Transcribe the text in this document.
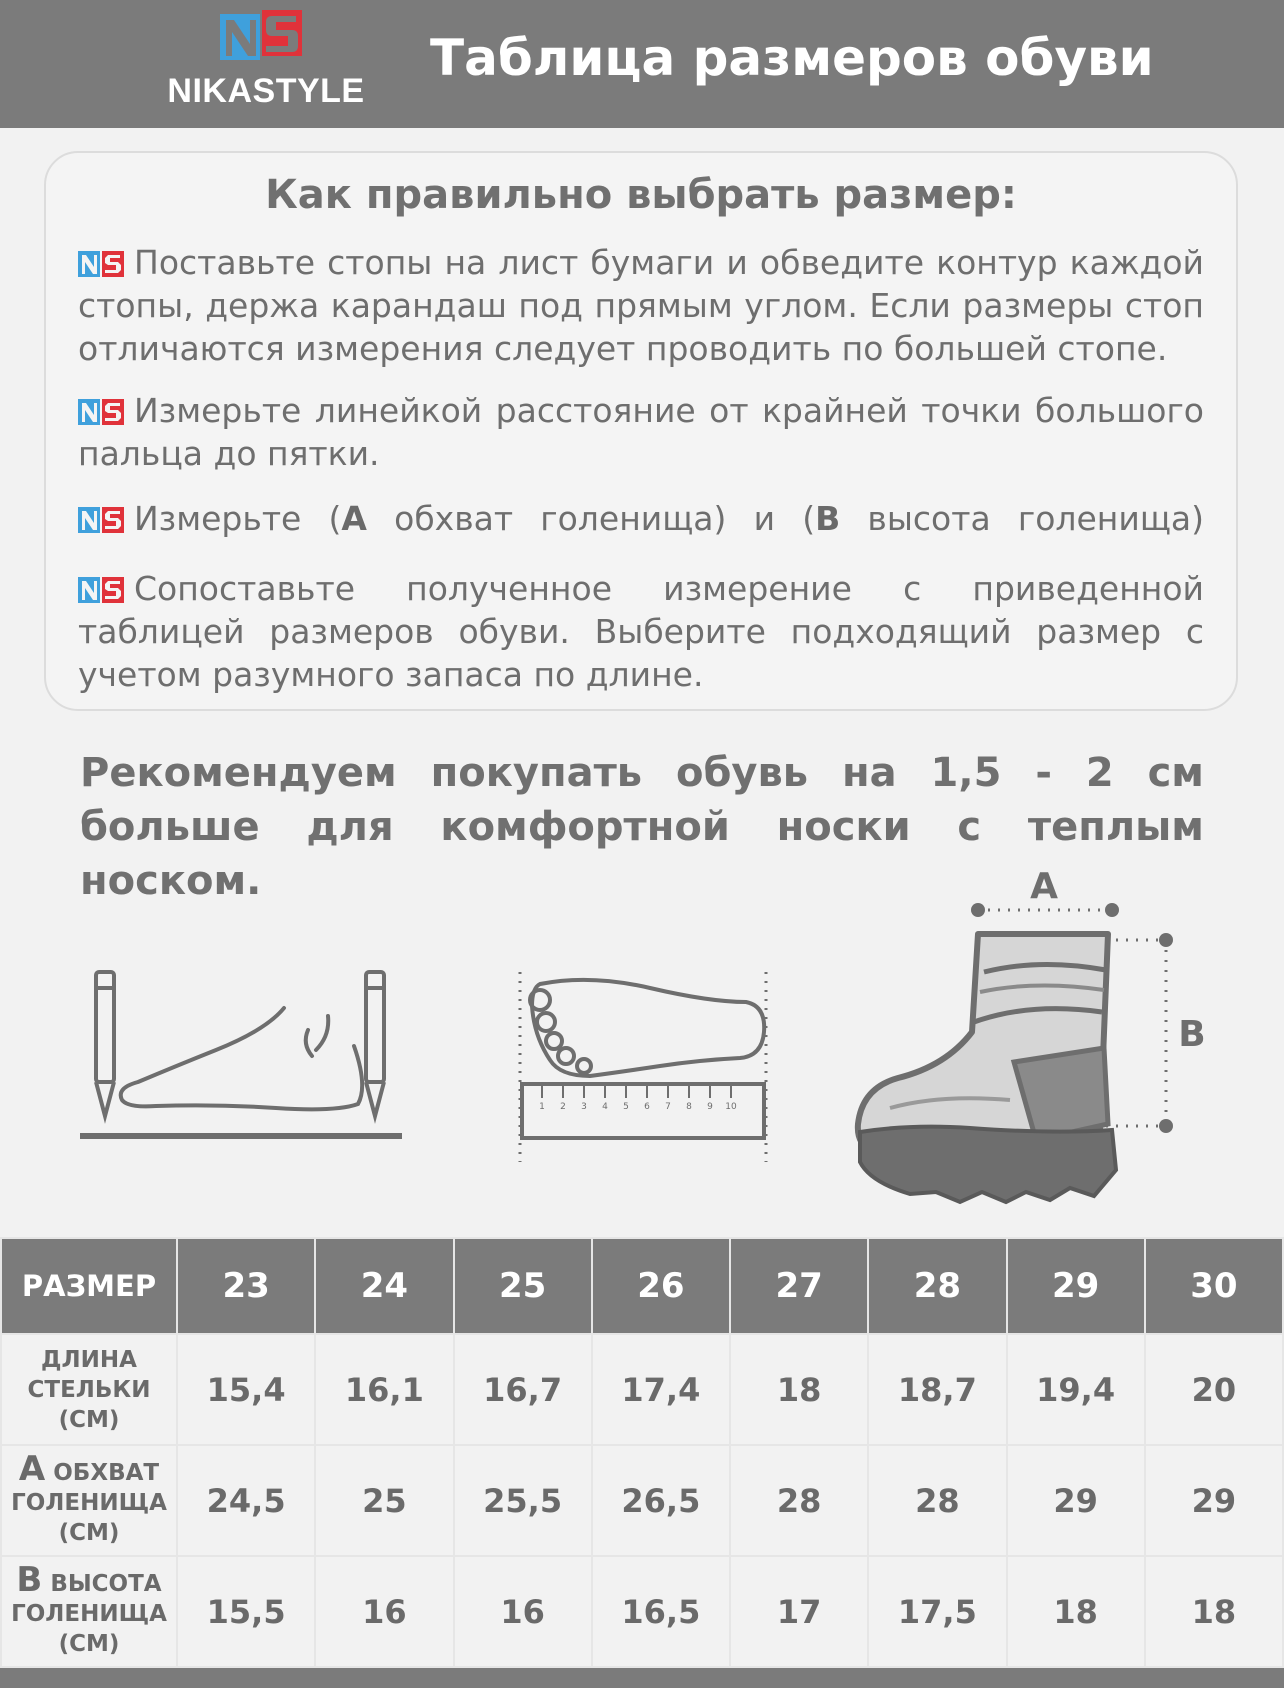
NIKASTYLE
Таблица размеров обуви
Как правильно выбрать размер:
Поставьте стопы на лист бумаги и обведите контур каждой стопы, держа карандаш под прямым углом. Если размеры стоп отличаются измерения следует проводить по большей стопе.
Измерьте линейкой расстояние от крайней точки большого пальца до пятки.
Измерьте (A обхват голенища) и (B высота голенища)
Сопоставьте полученное измерение с приведенной таблицей размеров обуви. Выберите подходящий размер с учетом разумного запаса по длине.
Рекомендуем покупать обувь на 1,5 - 2 см
больше для комфортной носки с теплым носком.
1 2 3 4 5 6 7 8 9 10
A
B
РАЗМЕР	23	24	25	26	27	28	29	30

ДЛИНА
СТЕЛЬКИ
(СМ)	15,4	16,1	16,7	17,4	18	18,7	19,4	20

A ОБХВАТ
ГОЛЕНИЩА
(СМ)	24,5	25	25,5	26,5	28	28	29	29

B ВЫСОТА
ГОЛЕНИЩА
(СМ)	15,5	16	16	16,5	17	17,5	18	18
